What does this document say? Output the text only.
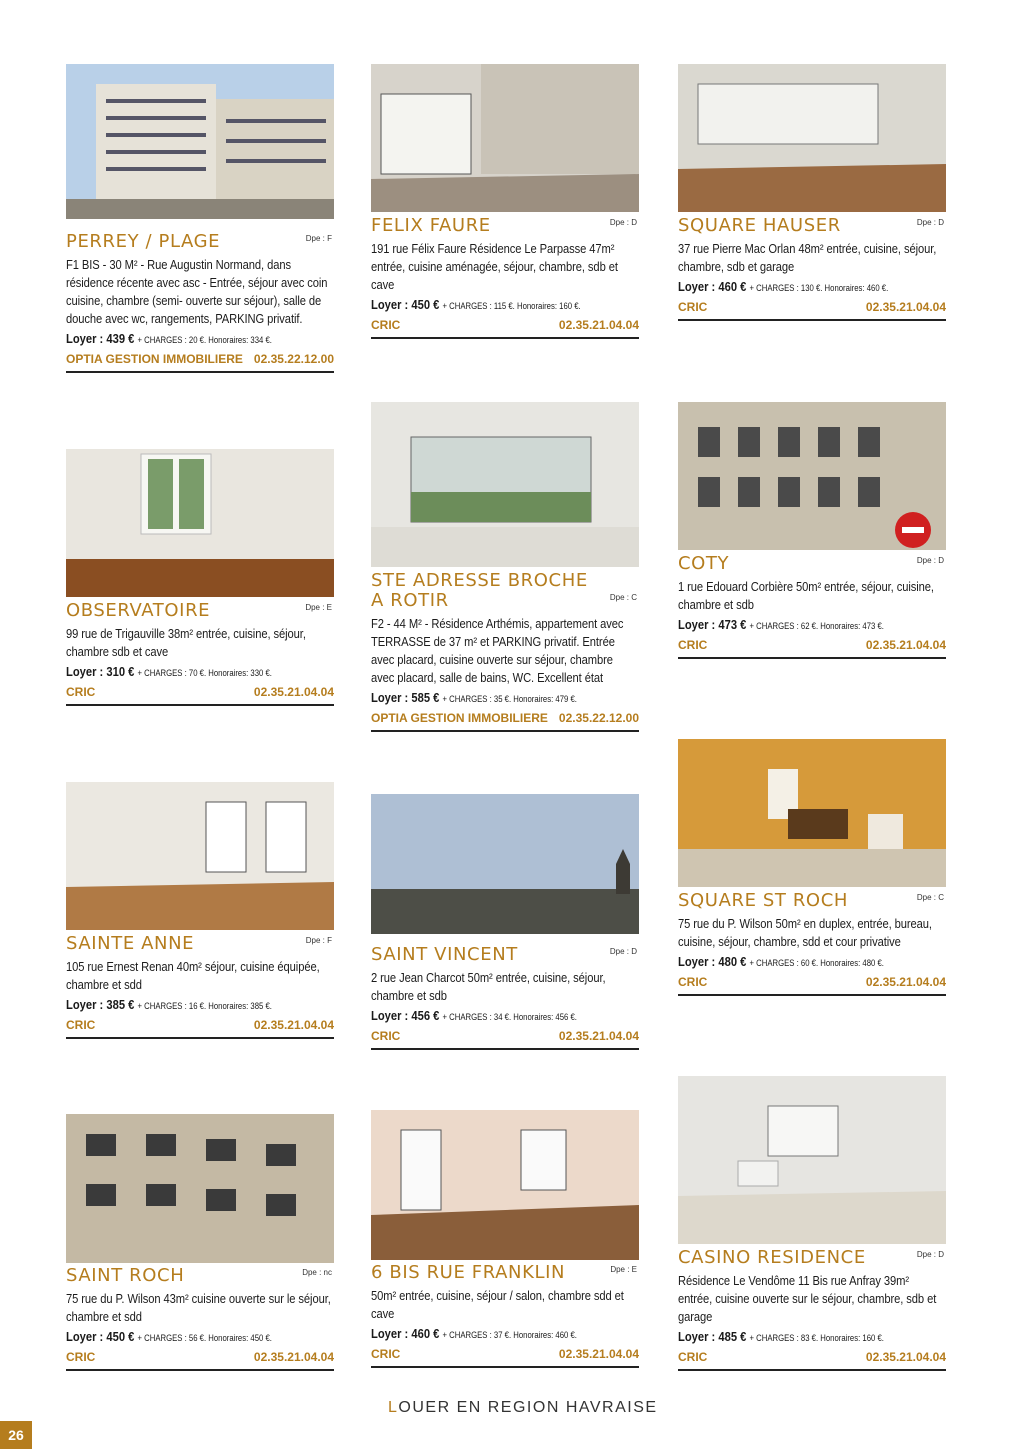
PERREY / PLAGE	Dpe : F
F1 BIS - 30 M² - Rue Augustin Normand, dans résidence récente avec asc - Entrée, séjour avec coin cuisine, chambre (semi- ouverte sur séjour), salle de douche avec wc, rangements, PARKING privatif.
Loyer : 439 € + CHARGES : 20 €. Honoraires: 334 €.
OPTIA GESTION IMMOBILIERE 02.35.22.12.00
OBSERVATOIRE	Dpe : E
99 rue de Trigauville 38m² entrée, cuisine, séjour, chambre sdb et cave
Loyer : 310 € + CHARGES : 70 €. Honoraires: 330 €.
CRIC	02.35.21.04.04
SAINTE ANNE	Dpe : F
105 rue Ernest Renan 40m² séjour, cuisine équipée, chambre et sdd
Loyer : 385 € + CHARGES : 16 €. Honoraires: 385 €.
CRIC	02.35.21.04.04
SAINT ROCH	Dpe : nc
75 rue du P. Wilson 43m² cuisine ouverte sur le séjour, chambre et sdd
Loyer : 450 € + CHARGES : 56 €. Honoraires: 450 €.
CRIC	02.35.21.04.04
FELIX FAURE	Dpe : D
191 rue Félix Faure Résidence Le Parpasse 47m² entrée, cuisine aménagée, séjour, chambre, sdb et cave
Loyer : 450 € + CHARGES : 115 €. Honoraires: 160 €.
CRIC	02.35.21.04.04
STE ADRESSE BROCHE A ROTIR	Dpe : C
F2 - 44 M² - Résidence Arthémis, appartement avec TERRASSE de 37 m² et PARKING privatif. Entrée avec placard, cuisine ouverte sur séjour, chambre avec placard, salle de bains, WC. Excellent état
Loyer : 585 € + CHARGES : 35 €. Honoraires: 479 €.
OPTIA GESTION IMMOBILIERE 02.35.22.12.00
SAINT VINCENT	Dpe : D
2 rue Jean Charcot 50m² entrée, cuisine, séjour, chambre et sdb
Loyer : 456 € + CHARGES : 34 €. Honoraires: 456 €.
CRIC	02.35.21.04.04
6 BIS RUE FRANKLIN	Dpe : E
50m² entrée, cuisine, séjour / salon, chambre sdd et cave
Loyer : 460 € + CHARGES : 37 €. Honoraires: 460 €.
CRIC	02.35.21.04.04
SQUARE HAUSER	Dpe : D
37 rue Pierre Mac Orlan 48m² entrée, cuisine, séjour, chambre, sdb et garage
Loyer : 460 € + CHARGES : 130 €. Honoraires: 460 €.
CRIC	02.35.21.04.04
COTY	Dpe : D
1 rue Edouard Corbière 50m² entrée, séjour, cuisine, chambre et sdb
Loyer : 473 € + CHARGES : 62 €. Honoraires: 473 €.
CRIC	02.35.21.04.04
SQUARE ST ROCH	Dpe : C
75 rue du P. Wilson 50m² en duplex, entrée, bureau, cuisine, séjour, chambre, sdd et cour privative
Loyer : 480 € + CHARGES : 60 €. Honoraires: 480 €.
CRIC	02.35.21.04.04
CASINO RESIDENCE	Dpe : D
Résidence Le Vendôme 11 Bis rue Anfray 39m² entrée, cuisine ouverte sur le séjour, chambre, sdb et garage
Loyer : 485 € + CHARGES : 83 €. Honoraires: 160 €.
CRIC	02.35.21.04.04
LOUER EN REGION HAVRAISE
26
